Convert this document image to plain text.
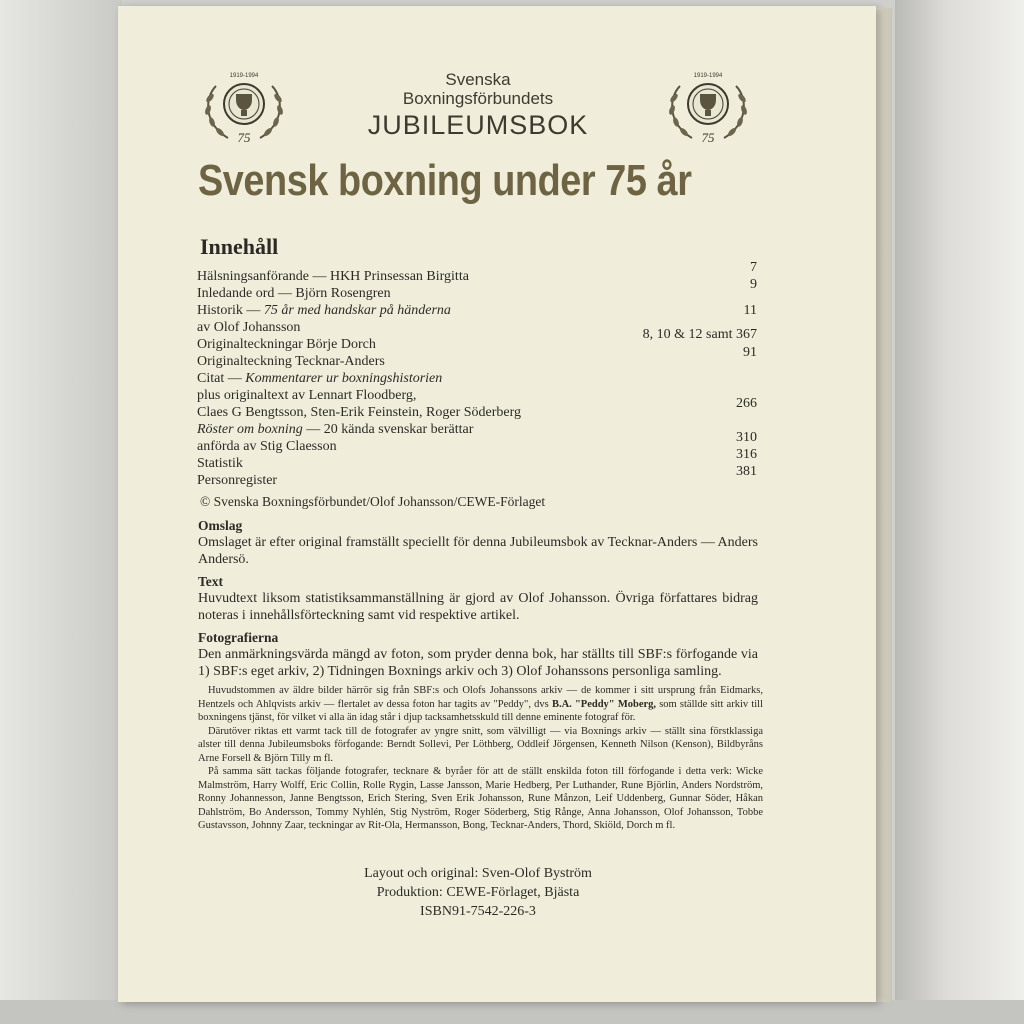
1919-1994
75
1919-1994
75
Svenska
Boxningsförbundets
JUBILEUMSBOK
Svensk boxning under 75 år
Innehåll
Hälsningsanförande — HKH Prinsessan Birgitta
7
Inledande ord — Björn Rosengren
9
Historik — 75 år med handskar på händerna	11
av Olof Johansson
Originalteckningar Börje Dorch
8, 10 & 12 samt 367
Originalteckning Tecknar-Anders
91
Citat — Kommentarer ur boxningshistorien
plus originaltext av Lennart Floodberg,
Claes G Bengtsson, Sten-Erik Feinstein, Roger Söderberg
266
Röster om boxning — 20 kända svenskar berättar
anförda av Stig Claesson
310
Statistik
316
Personregister
381
© Svenska Boxningsförbundet/Olof Johansson/CEWE-Förlaget
Omslag
Omslaget är efter original framställt speciellt för denna Jubileumsbok av Tecknar-Anders — Anders Andersö.
Text
Huvudtext liksom statistiksammanställning är gjord av Olof Johansson. Övriga författares bidrag noteras i innehållsförteckning samt vid respektive artikel.
Fotografierna
Den anmärkningsvärda mängd av foton, som pryder denna bok, har ställts till SBF:s förfogande via 1) SBF:s eget arkiv, 2) Tidningen Boxnings arkiv och 3) Olof Johanssons personliga samling.
Huvudstommen av äldre bilder härrör sig från SBF:s och Olofs Johanssons arkiv — de kommer i sitt ursprung från Eidmarks, Hentzels och Ahlqvists arkiv — flertalet av dessa foton har tagits av "Peddy", dvs B.A. "Peddy" Moberg, som ställde sitt arkiv till boxningens tjänst, för vilket vi alla än idag står i djup tacksamhetsskuld till denne eminente fotograf för.
Därutöver riktas ett varmt tack till de fotografer av yngre snitt, som välvilligt — via Boxnings arkiv — ställt sina förstklassiga alster till denna Jubileumsboks förfogande: Berndt Sollevi, Per Löthberg, Oddleif Jörgensen, Kenneth Nilson (Kenson), Bildbyråns Arne Forsell & Björn Tilly m fl.
På samma sätt tackas följande fotografer, tecknare & byråer för att de ställt enskilda foton till förfogande i detta verk: Wicke Malmström, Harry Wolff, Eric Collin, Rolle Rygin, Lasse Jansson, Marie Hedberg, Per Luthander, Rune Björlin, Anders Nordström, Ronny Johannesson, Janne Bengtsson, Erich Stering, Sven Erik Johansson, Rune Månzon, Leif Uddenberg, Gunnar Söder, Håkan Dahlström, Bo Andersson, Tommy Nyhlén, Stig Nyström, Roger Söderberg, Stig Rånge, Anna Johansson, Olof Johansson, Tobbe Gustavsson, Johnny Zaar, teckningar av Rit-Ola, Hermansson, Bong, Tecknar-Anders, Thord, Skiöld, Dorch m fl.
Layout och original: Sven-Olof Byström
Produktion: CEWE-Förlaget, Bjästa
ISBN91-7542-226-3
